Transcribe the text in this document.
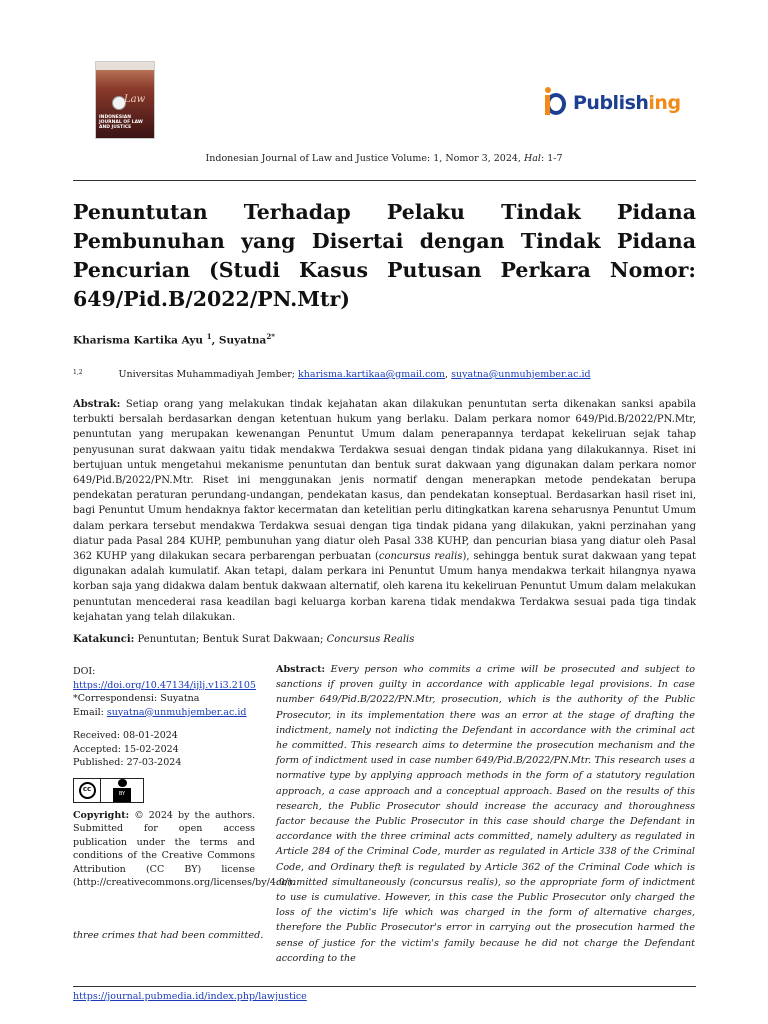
Law
INDONESIAN JOURNAL OF LAW AND JUSTICE
Publishing
Indonesian Journal of Law and Justice Volume: 1, Nomor 3, 2024, Hal: 1-7
Penuntutan Terhadap Pelaku Tindak Pidana Pembunuhan yang Disertai dengan Tindak Pidana Pencurian (Studi Kasus Putusan Perkara Nomor: 649/Pid.B/2022/PN.Mtr)
Kharisma Kartika Ayu $^1$, Suyatna$^{2*}$
$^{1,2}$	Universitas Muhammadiyah Jember; kharisma.kartikaa@gmail.com, suyatna@unmuhjember.ac.id
Abstrak: Setiap orang yang melakukan tindak kejahatan akan dilakukan penuntutan serta dikenakan sanksi apabila terbukti bersalah berdasarkan dengan ketentuan hukum yang berlaku. Dalam perkara nomor 649/Pid.B/2022/PN.Mtr, penuntutan yang merupakan kewenangan Penuntut Umum dalam penerapannya terdapat kekeliruan sejak tahap penyusunan surat dakwaan yaitu tidak mendakwa Terdakwa sesuai dengan tindak pidana yang dilakukannya. Riset ini bertujuan untuk mengetahui mekanisme penuntutan dan bentuk surat dakwaan yang digunakan dalam perkara nomor 649/Pid.B/2022/PN.Mtr. Riset ini menggunakan jenis normatif dengan menerapkan metode pendekatan berupa pendekatan peraturan perundang-undangan, pendekatan kasus, dan pendekatan konseptual. Berdasarkan hasil riset ini, bagi Penuntut Umum hendaknya faktor kecermatan dan ketelitian perlu ditingkatkan karena seharusnya Penuntut Umum dalam perkara tersebut mendakwa Terdakwa sesuai dengan tiga tindak pidana yang dilakukan, yakni perzinahan yang diatur pada Pasal 284 KUHP, pembunuhan yang diatur oleh Pasal 338 KUHP, dan pencurian biasa yang diatur oleh Pasal 362 KUHP yang dilakukan secara perbarengan perbuatan (concursus realis), sehingga bentuk surat dakwaan yang tepat digunakan adalah kumulatif. Akan tetapi, dalam perkara ini Penuntut Umum hanya mendakwa terkait hilangnya nyawa korban saja yang didakwa dalam bentuk dakwaan alternatif, oleh karena itu kekeliruan Penuntut Umum dalam melakukan penuntutan mencederai rasa keadilan bagi keluarga korban karena tidak mendakwa Terdakwa sesuai pada tiga tindak kejahatan yang telah dilakukan.
Katakunci: Penuntutan; Bentuk Surat Dakwaan; Concursus Realis

DOI:

https://doi.org/10.47134/ijlj.v1i3.2105

*Correspondensi: Suyatna

Email: suyatna@unmuhjember.ac.id

Received: 08-01-2024

Accepted: 15-02-2024

Published: 27-03-2024

cc
BY

Copyright: © 2024 by the authors. Submitted for open access publication under the terms and conditions of the Creative Commons Attribution (CC BY) license (http://creativecommons.org/licenses/by/4.0/).

Abstract: Every person who commits a crime will be prosecuted and subject to sanctions if proven guilty in accordance with applicable legal provisions. In case number 649/Pid.B/2022/PN.Mtr, prosecution, which is the authority of the Public Prosecutor, in its implementation there was an error at the stage of drafting the indictment, namely not indicting the Defendant in accordance with the criminal act he committed. This research aims to determine the prosecution mechanism and the form of indictment used in case number 649/Pid.B/2022/PN.Mtr. This research uses a normative type by applying approach methods in the form of a statutory regulation approach, a case approach and a conceptual approach. Based on the results of this research, the Public Prosecutor should increase the accuracy and thoroughness factor because the Public Prosecutor in this case should charge the Defendant in accordance with the three criminal acts committed, namely adultery as regulated in Article 284 of the Criminal Code, murder as regulated in Article 338 of the Criminal Code, and Ordinary theft is regulated by Article 362 of the Criminal Code which is committed simultaneously (concursus realis), so the appropriate form of indictment to use is cumulative. However, in this case the Public Prosecutor only charged the loss of the victim's life which was charged in the form of alternative charges, therefore the Public Prosecutor's error in carrying out the prosecution harmed the sense of justice for the victim's family because he did not charge the Defendant according to the
three crimes that had been committed.
https://journal.pubmedia.id/index.php/lawjustice
